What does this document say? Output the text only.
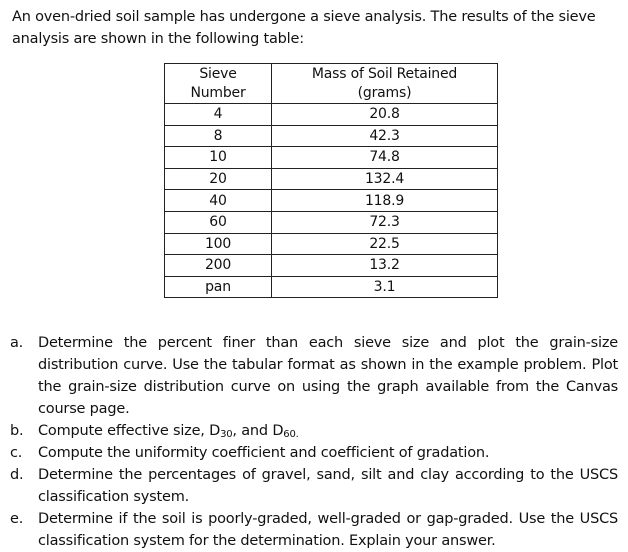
An oven-dried soil sample has undergone a sieve analysis. The results of the sieve analysis are shown in the following table:
Sieve
Number	Mass of Soil Retained
(grams)

4	20.8
8	42.3
10	74.8
20	132.4
40	118.9
60	72.3
100	22.5
200	13.2
pan	3.1
a.	Determine the percent finer than each sieve size and plot the grain-size distribution curve. Use the tabular format as shown in the example problem. Plot the grain-size distribution curve on using the graph available from the Canvas course page.
b.	Compute effective size, $D_{30}$, and $D_{60.}$
c.	Compute the uniformity coefficient and coefficient of gradation.
d.	Determine the percentages of gravel, sand, silt and clay according to the USCS classification system.
e.	Determine if the soil is poorly-graded, well-graded or gap-graded. Use the USCS classification system for the determination. Explain your answer.
